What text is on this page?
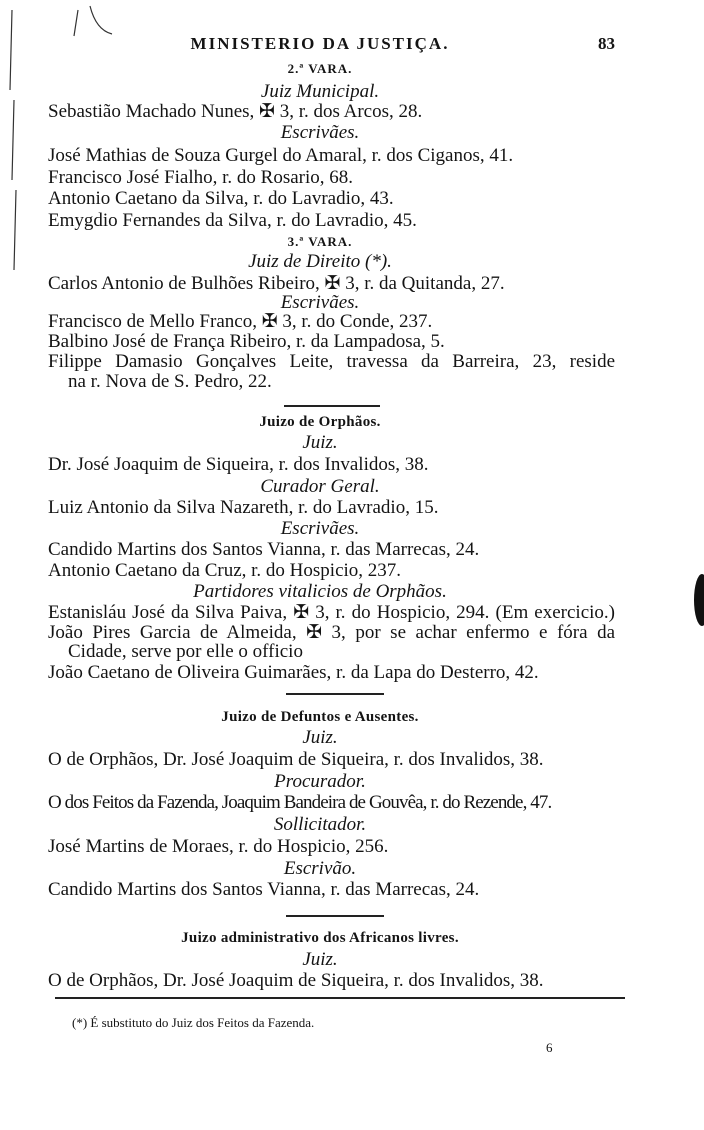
MINISTERIO DA JUSTIÇA.	83
2.ª VARA.
Juiz Municipal.
Sebastião Machado Nunes, ✠ 3, r. dos Arcos, 28.
Escrivães.
José Mathias de Souza Gurgel do Amaral, r. dos Ciganos, 41.
Francisco José Fialho, r. do Rosario, 68.
Antonio Caetano da Silva, r. do Lavradio, 43.
Emygdio Fernandes da Silva, r. do Lavradio, 45.
3.ª VARA.
Juiz de Direito (*).
Carlos Antonio de Bulhões Ribeiro, ✠ 3, r. da Quitanda, 27.
Escrivães.
Francisco de Mello Franco, ✠ 3, r. do Conde, 237.
Balbino José de França Ribeiro, r. da Lampadosa, 5.
Filippe Damasio Gonçalves Leite, travessa da Barreira, 23, reside
na r. Nova de S. Pedro, 22.
Juizo de Orphãos.
Juiz.
Dr. José Joaquim de Siqueira, r. dos Invalidos, 38.
Curador Geral.
Luiz Antonio da Silva Nazareth, r. do Lavradio, 15.
Escrivães.
Candido Martins dos Santos Vianna, r. das Marrecas, 24.
Antonio Caetano da Cruz, r. do Hospicio, 237.
Partidores vitalicios de Orphãos.
Estanisláu José da Silva Paiva, ✠ 3, r. do Hospicio, 294. (Em exercicio.)
João Pires Garcia de Almeida, ✠ 3, por se achar enfermo e fóra da
Cidade, serve por elle o officio
João Caetano de Oliveira Guimarães, r. da Lapa do Desterro, 42.
Juizo de Defuntos e Ausentes.
Juiz.
O de Orphãos, Dr. José Joaquim de Siqueira, r. dos Invalidos, 38.
Procurador.
O dos Feitos da Fazenda, Joaquim Bandeira de Gouvêa, r. do Rezende, 47.
Sollicitador.
José Martins de Moraes, r. do Hospicio, 256.
Escrivão.
Candido Martins dos Santos Vianna, r. das Marrecas, 24.
Juizo administrativo dos Africanos livres.
Juiz.
O de Orphãos, Dr. José Joaquim de Siqueira, r. dos Invalidos, 38.
(*) É substituto do Juiz dos Feitos da Fazenda.
6
